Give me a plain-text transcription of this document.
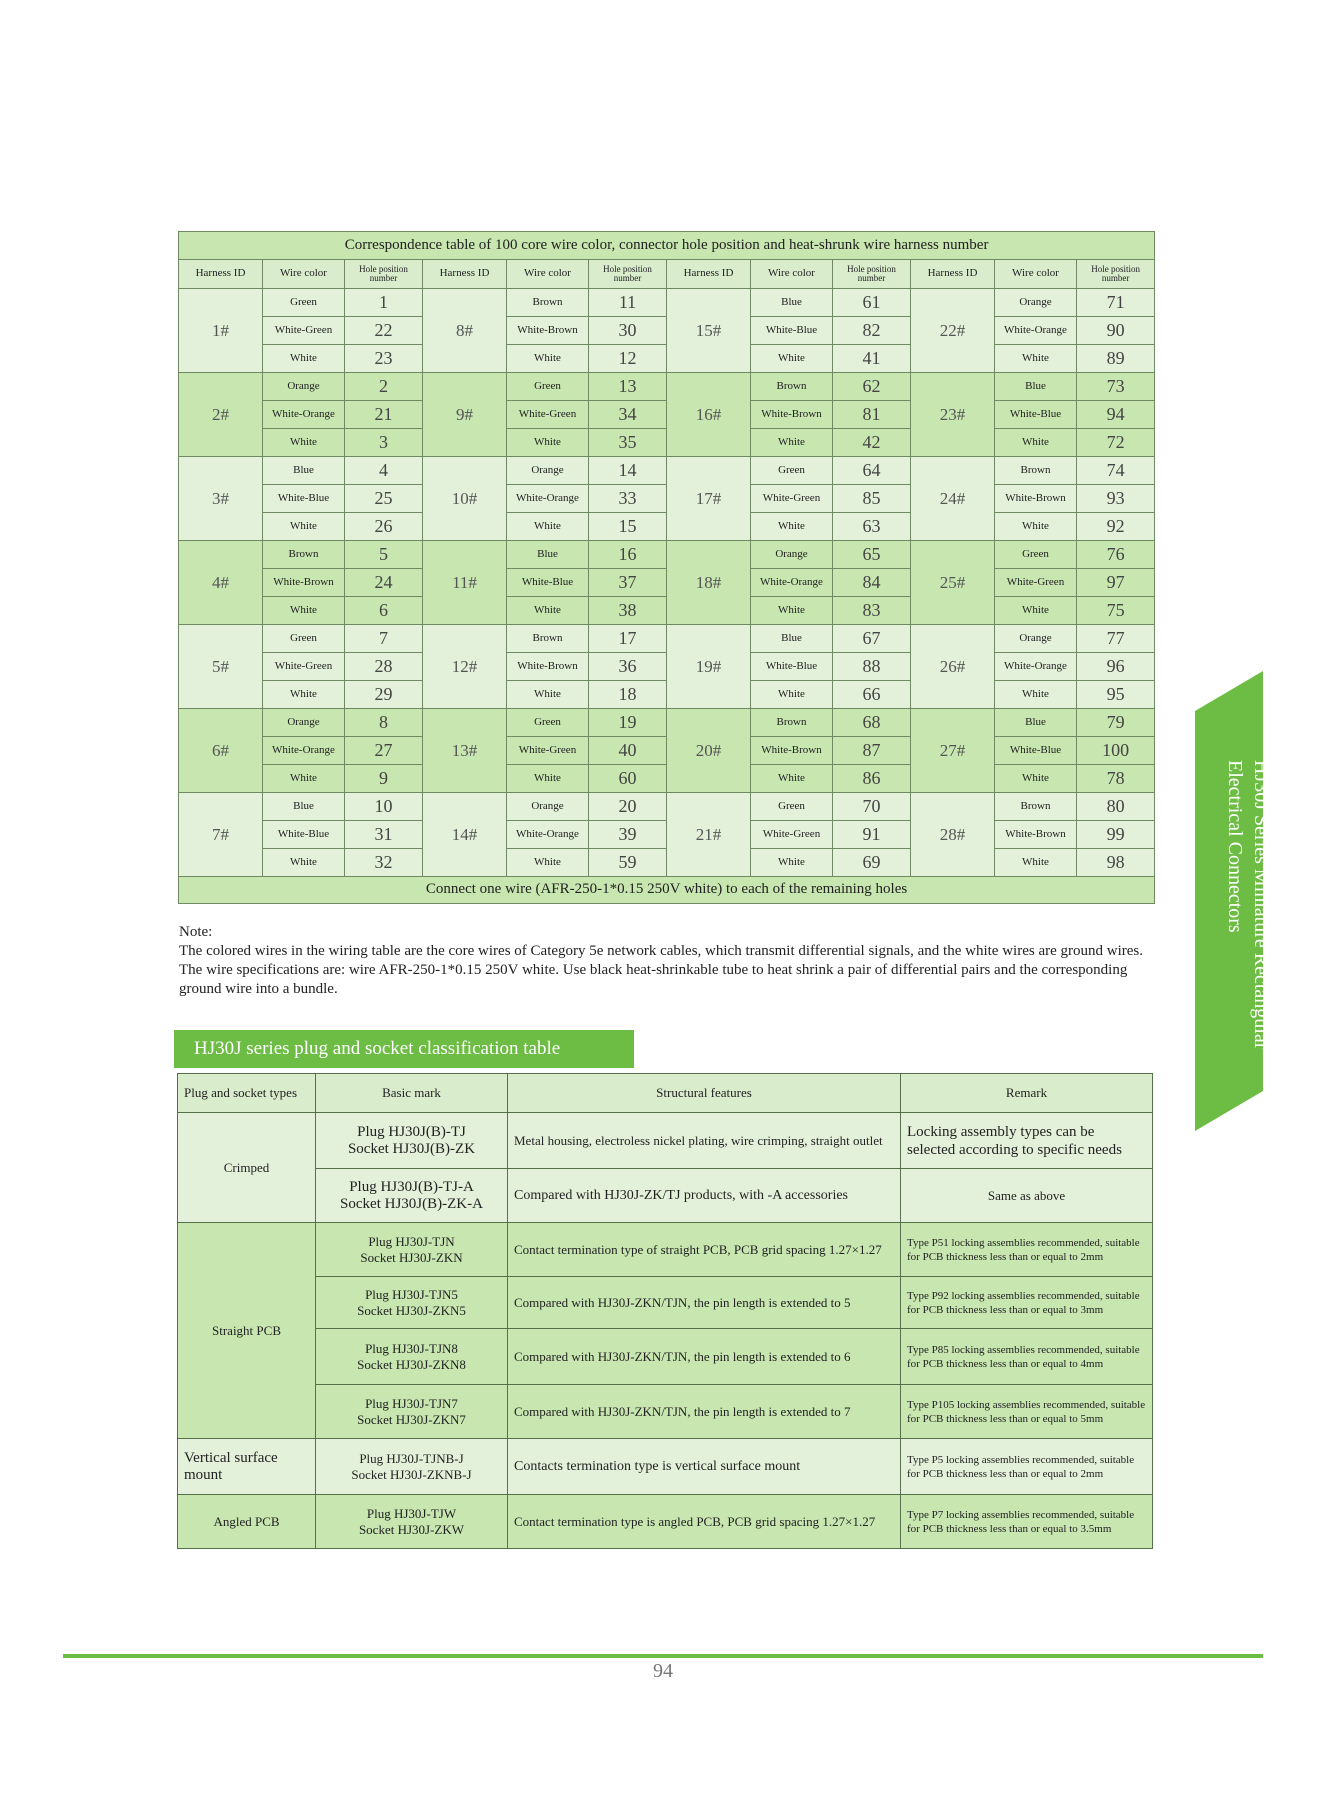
Correspondence table of 100 core wire color, connector hole position and heat-shrunk wire harness number											
Harness ID	Wire color	Hole position number	Harness ID	Wire color	Hole position number	Harness ID	Wire color	Hole position number	Harness ID	Wire color	Hole position number
1#	Green	1	8#	Brown	11	15#	Blue	61	22#	Orange	71
	White-Green	22		White-Brown	30		White-Blue	82		White-Orange	90
	White	23		White	12		White	41		White	89
2#	Orange	2	9#	Green	13	16#	Brown	62	23#	Blue	73
	White-Orange	21		White-Green	34		White-Brown	81		White-Blue	94
	White	3		White	35		White	42		White	72
3#	Blue	4	10#	Orange	14	17#	Green	64	24#	Brown	74
	White-Blue	25		White-Orange	33		White-Green	85		White-Brown	93
	White	26		White	15		White	63		White	92
4#	Brown	5	11#	Blue	16	18#	Orange	65	25#	Green	76
	White-Brown	24		White-Blue	37		White-Orange	84		White-Green	97
	White	6		White	38		White	83		White	75
5#	Green	7	12#	Brown	17	19#	Blue	67	26#	Orange	77
	White-Green	28		White-Brown	36		White-Blue	88		White-Orange	96
	White	29		White	18		White	66		White	95
6#	Orange	8	13#	Green	19	20#	Brown	68	27#	Blue	79
	White-Orange	27		White-Green	40		White-Brown	87		White-Blue	100
	White	9		White	60		White	86		White	78
7#	Blue	10	14#	Orange	20	21#	Green	70	28#	Brown	80
	White-Blue	31		White-Orange	39		White-Green	91		White-Brown	99
	White	32		White	59		White	69		White	98
Connect one wire (AFR-250-1*0.15 250V white) to each of the remaining holes											

Note:

The colored wires in the wiring table are the core wires of Category 5e network cables, which transmit differential signals, and the white wires are ground wires. The wire specifications are: wire AFR-250-1*0.15 250V white. Use black heat-shrinkable tube to heat shrink a pair of differential pairs and the corresponding ground wire into a bundle.	HJ30J Series Miniature Rectangular
Electrical Connectors
HJ30J series plug and socket classification table
Plug and socket types	Basic mark	Structural features	Remark
Crimped	Plug HJ30J(B)-TJ
Socket HJ30J(B)-ZK	Metal housing, electroless nickel plating, wire crimping, straight outlet	Locking assembly types can be selected according to specific needs
	Plug HJ30J(B)-TJ-A
Socket HJ30J(B)-ZK-A	Compared with HJ30J-ZK/TJ products, with -A accessories	Same as above
Straight PCB	Plug HJ30J-TJN
Socket HJ30J-ZKN	Contact termination type of straight PCB, PCB grid spacing 1.27×1.27	Type P51 locking assemblies recommended, suitable for PCB thickness less than or equal to 2mm
	Plug HJ30J-TJN5
Socket HJ30J-ZKN5	Compared with HJ30J-ZKN/TJN, the pin length is extended to 5	Type P92 locking assemblies recommended, suitable for PCB thickness less than or equal to 3mm
	Plug HJ30J-TJN8
Socket HJ30J-ZKN8	Compared with HJ30J-ZKN/TJN, the pin length is extended to 6	Type P85 locking assemblies recommended, suitable for PCB thickness less than or equal to 4mm
	Plug HJ30J-TJN7
Socket HJ30J-ZKN7	Compared with HJ30J-ZKN/TJN, the pin length is extended to 7	Type P105 locking assemblies recommended, suitable for PCB thickness less than or equal to 5mm
Vertical surface mount	Plug HJ30J-TJNB-J
Socket HJ30J-ZKNB-J	Contacts termination type is vertical surface mount	Type P5 locking assemblies recommended, suitable for PCB thickness less than or equal to 2mm
Angled PCB	Plug HJ30J-TJW
Socket HJ30J-ZKW	Contact termination type is angled PCB, PCB grid spacing 1.27×1.27	Type P7 locking assemblies recommended, suitable for PCB thickness less than or equal to 3.5mm
94
